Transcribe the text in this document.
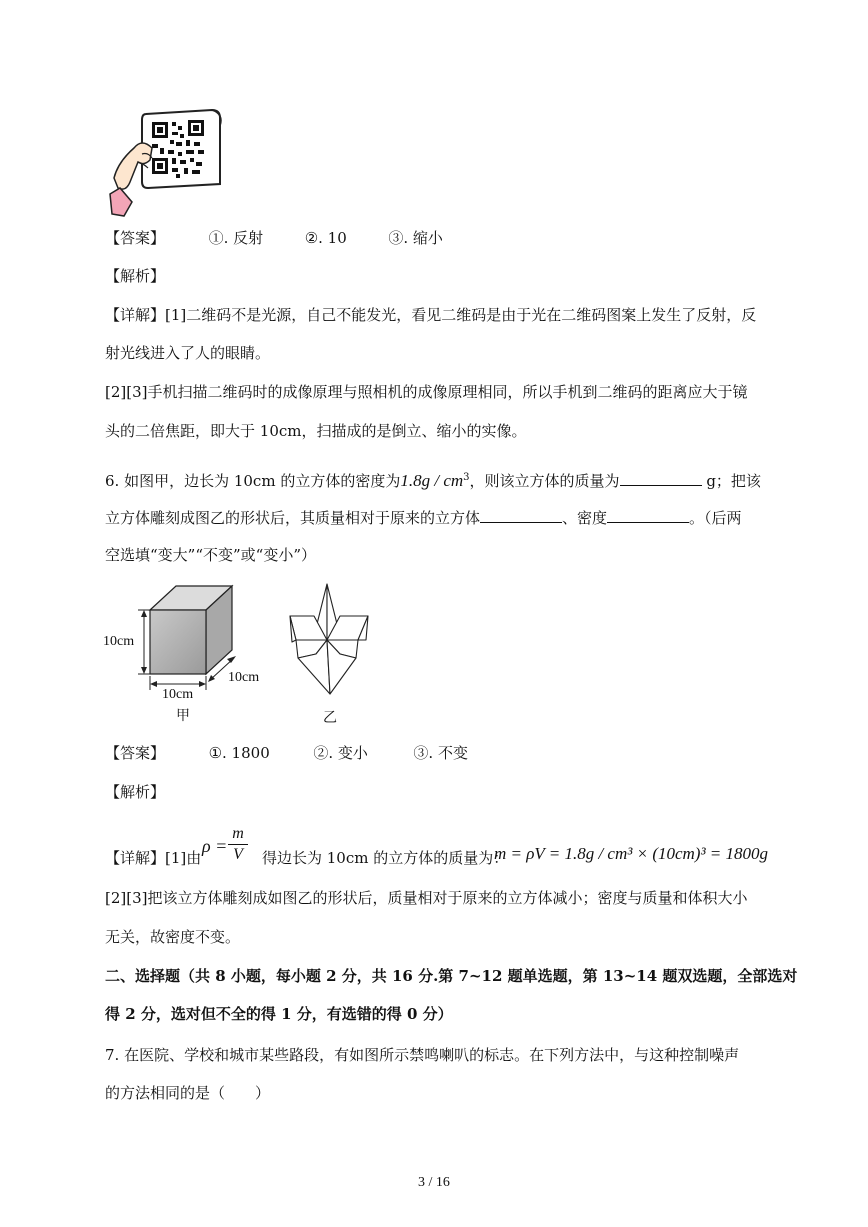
【答案】	①. 反射	②. 10	③. 缩小
【解析】
【详解】[1]二维码不是光源，自己不能发光，看见二维码是由于光在二维码图案上发生了反射，反
射光线进入了人的眼睛。
[2][3]手机扫描二维码时的成像原理与照相机的成像原理相同，所以手机到二维码的距离应大于镜
头的二倍焦距，即大于 10cm，扫描成的是倒立、缩小的实像。
6. 如图甲，边长为 10cm 的立方体的密度为$1.8g / cm^3$，则该立方体的质量为	g；把该
立方体雕刻成图乙的形状后，其质量相对于原来的立方体	、密度	。（后两
空选填“变大”“不变”或“变小”）
10cm
10cm
10cm
甲	乙
【答案】	①. 1800	②. 变小	③. 不变
【解析】
【详解】[1]由
$\rho = \frac{m}{V}$ 得边长为 10cm 的立方体的质量为：
m = ρV = 1.8g / cm³ × (10cm)³ = 1800g
[2][3]把该立方体雕刻成如图乙的形状后，质量相对于原来的立方体减小；密度与质量和体积大小
无关，故密度不变。
二、选择题（共 8 小题，每小题 2 分，共 16 分.第 7~12 题单选题，第 13~14 题双选题，全部选对
得 2 分，选对但不全的得 1 分，有选错的得 0 分）
7. 在医院、学校和城市某些路段，有如图所示禁鸣喇叭的标志。在下列方法中，与这种控制噪声
的方法相同的是（　　）
3 / 16
